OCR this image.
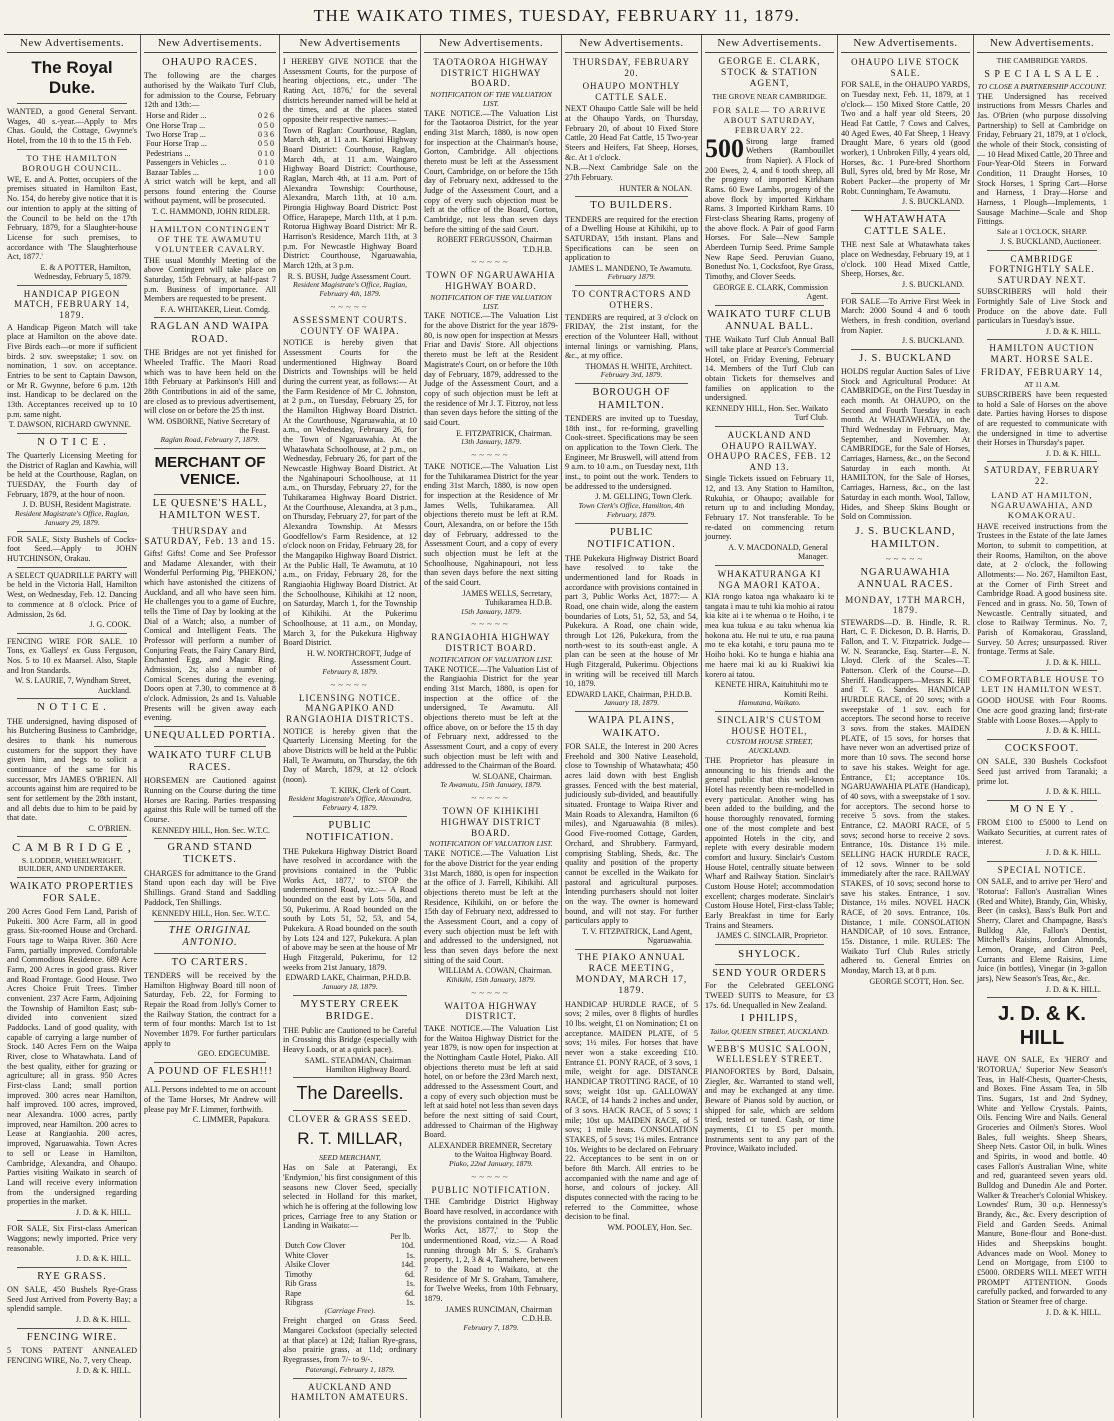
THE WAIKATO TIMES, TUESDAY, FEBRUARY 11, 1879.
New Advertisements.
The Royal Duke.

WANTED, a good General Servant. Wages, 40 s.-year.—Apply to Mrs Chas. Gould, the Cottage, Gwynne's Hotel, from the 10 th to the 15 th Feb.

TO THE HAMILTON BOROUGH COUNCIL.

WE, E. and A. Potter, occupiers of the premises situated in Hamilton East, No. 154, do hereby give notice that it is our intention to apply at the sitting of the Council to be held on the 17th February, 1879, for a Slaughter-house License for such premises, to accordance with 'The Slaughterhouse Act, 1877.'

E. & A POTTER, Hamilton, Wednesday, February 5, 1879.
HANDICAP PIGEON MATCH, FEBRUARY 14, 1879.

A Handicap Pigeon Match will take place at Hamilton on the above date. Five Birds each—or more if sufficient birds. 2 sov. sweepstake; 1 sov. on nomination, 1 sov. on acceptance. Entries to be sent to Captain Dawson, or Mr R. Gwynne, before 6 p.m. 12th inst. Handicap to be declared on the 13th. Acceptances received up to 10 p.m. same night.

T. DAWSON, RICHARD GWYNNE.
N O T I C E .

The Quarterly Licensing Meeting for the District of Raglan and Kawhia, will be held at the Courthouse, Raglan, on TUESDAY, the Fourth day of February, 1879, at the hour of noon.

J. D. BUSH, Resident Magistrate.
Resident Magistrate's Office, Raglan, January 29, 1879.

FOR SALE, Sixty Bushels of Cocks-foot Seed.—Apply to JOHN HUTCHINSON, Orakau.

A SELECT QUADRILLE PARTY will be held in the Victoria Hall, Hamilton West, on Wednesday, Feb. 12. Dancing to commence at 8 o'clock. Price of Admission, 2s 6d.

J. G. COOK.

FENCING WIRE FOR SALE. 10 Tons, ex 'Galleys' ex Guss Ferguson, Nos. 5 to 10 ex Maarsel. Also, Staple and Iron Standards.

W. S. LAURIE, 7, Wyndham Street, Auckland.
N O T I C E .

THE undersigned, having disposed of his Butchering Business to Cambridge, desires to thank his numerous customers for the support they have given him, and begs to solicit a continuance of the same for his successor, Mrs JAMES O'BRIEN. All accounts against him are required to be sent for settlement by the 28th instant, and all debts due to him to be paid by that date.

C. O'BRIEN.
C A M B R I D G E ,
S. LODDER, WHEELWRIGHT, BUILDER, AND UNDERTAKER.
WAIKATO PROPERTIES FOR SALE.

200 Acres Good Fern Land, Parish of Pukeiti. 300 Acre Farm, all in good grass. Six-roomed House and Orchard. Fours tage to Waipa River. 360 Acre Farm, partially improved. Comfortable and Commodious Residence. 689 Acre Farm, 200 Acres in good grass. River and Road Frontage. Good House. Two Acres Choice Fruit Trees. Timber convenient. 237 Acre Farm, Adjoining the Township of Hamilton East; sub-divided into convenient sized Paddocks. Land of good quality, with capable of carrying a large number of Stock. 140 Acres Fern on the Waipa River, close to Whatawhata. Land of the best quality, either for grazing or agriculture; all in grass. 950 Acres First-class Land; small portion improved. 300 acres near Hamilton, half improved. 100 acres, improved, near Alexandra. 1000 acres, partly improved, near Hamilton. 200 acres to Lease at Rangiaohia. 200 acres, improved, Ngaruawahia. Town Acres to sell or Lease in Hamilton, Cambridge, Alexandra, and Ohaupo. Parties visiting Waikato in search of Land will receive every information from the undersigned regarding properties in the market.

J. D. & K. HILL.

FOR SALE, Six First-class American Waggons; newly imported. Price very reasonable.

J. D. & K. HILL.
RYE GRASS.

ON SALE, 450 Bushels Rye-Grass Seed Just Arrived from Poverty Bay; a splendid sample.

J. D. & K. HILL.
FENCING WIRE.

5 TONS PATENT ANNEALED FENCING WIRE, No. 7, very Cheap.

J. D. & K. HILL.
New Advertisements.
OHAUPO RACES.

The following are the charges authorised by the Waikato Turf Club, for admission to the Course, February 12th and 13th:—

Horse and Rider ...	0 2 6
One Horse Trap ...	0 5 0
Two Horse Trap ...	0 3 6
Four Horse Trap ...	0 5 0
Pedestrians ...	0 1 0
Passengers in Vehicles ...	0 1 0
Bazaar Tables ...	1 0 0

A strict watch will be kept, and all persons found entering the Course without payment, will be prosecuted.

T. C. HAMMOND, JOHN RIDLER.
HAMILTON CONTINGENT OF THE TE AWAMUTU VOLUNTEER CAVALRY.

THE usual Monthly Meeting of the above Contingent will take place on Saturday, 15th February, at half-past 7 p.m. Business of importance. All Members are requested to be present.

F. A. WHITAKER, Lieut. Comdg.
RAGLAN AND WAIPA ROAD.

THE Bridges are not yet finished for Wheeled Traffic. The Maori Road which was to have been held on the 18th February at Parkinson's Hill and 28th Contributions in aid of the same, are closed as to previous advertisement, will close on or before the 25 th inst.

WM. OSBORNE, Native Secretary of the Feast.
Raglan Road, February 7, 1879.
MERCHANT OF VENICE.
LE QUESNE'S HALL, HAMILTON WEST.
THURSDAY and SATURDAY, Feb. 13 and 15.

Gifts! Gifts! Come and See Professor and Madame Alexander, with their Wonderful Performing Pig, 'PHEKON,' which have astonished the citizens of Auckland, and all who have seen him. He challenges you to a game of Euchre, tells the Time of Day by looking at the Dial of a Watch; also, a number of Comical and Intelligent Feats. The Professor will perform a number of Conjuring Feats, the Fairy Canary Bird, Enchanted Egg, and Magic Ring. Admission, 2s; also a number of Comical Scenes during the evening. Doors open at 7.30, to commence at 8 o'clock. Admission, 2s and 1s. Valuable Presents will be given away each evening.

UNEQUALLED PORTIA.
WAIKATO TURF CLUB RACES.

HORSEMEN are Cautioned against Running on the Course during the time Horses are Racing. Parties trespassing against this Rule will be turned off the Course.

KENNEDY HILL, Hon. Sec. W.T.C.
GRAND STAND TICKETS.

CHARGES for admittance to the Grand Stand upon each day will be Five Shillings. Grand Stand and Saddling Paddock, Ten Shillings.

KENNEDY HILL, Hon. Sec. W.T.C.
THE ORIGINAL ANTONIO.
TO CARTERS.

TENDERS will be received by the Hamilton Highway Board till noon of Saturday, Feb. 22, for Forming to Repair the Road from Jolly's Corner to the Railway Station, the contract for a term of four months: March 1st to 1st November 1879. For further particulars apply to

GEO. EDGECUMBE.
A POUND OF FLESH!!!

ALL Persons indebted to me on account of the Tame Horses, Mr Andrew will please pay Mr F. Limmer, forthwith.

C. LIMMER, Papakura.
New Advertisements

I HEREBY GIVE NOTICE that the Assessment Courts, for the purpose of hearing objections, etc., under 'The Rating Act, 1876,' for the several districts hereunder named will be held at the times, and at the places stated opposite their respective names:—

Town of Raglan: Courthouse, Raglan, March 4th, at 11 a.m. Karioi Highway Board District: Courthouse, Raglan, March 4th, at 11 a.m. Waingaro Highway Board District: Courthouse, Raglan, March 4th, at 11 a.m. Port of Alexandra Township: Courthouse, Alexandra, March 11th, at 10 a.m. Pirongia Highway Board District: Post Office, Harapepe, March 11th, at 1 p.m. Rotorua Highway Board District: Mr R. Harrison's Residence, March 11th, at 3 p.m. For Newcastle Highway Board District: Courthouse, Ngaruawahia, March 12th, at 3 p.m.

R. S. BUSH, Judge Assessment Court.
Resident Magistrate's Office, Raglan, February 4th, 1879.
~~~~~
ASSESSMENT COURTS. COUNTY OF WAIPA.

NOTICE is hereby given that Assessment Courts for the undermentioned Highway Board Districts and Townships will be held during the current year, as follows:— At the Farm Residence of Mr C. Johnston, at 2 p.m., on Tuesday, February 25, for the Hamilton Highway Board District. At the Courthouse, Ngaruawahia, at 10 a.m., on Wednesday, February 26, for the Town of Ngaruawahia. At the Whatawhata Schoolhouse, at 2 p.m., on Wednesday, February 26, for part of the Newcastle Highway Board District. At the Ngahinapouri Schoolhouse, at 11 a.m., on Thursday, February 27, for the Tuhikaramea Highway Board District. At the Courthouse, Alexandra, at 3 p.m., on Thursday, February 27, for part of the Alexandra Township. At Messrs Goodfellow's Farm Residence, at 12 o'clock noon on Friday, February 28, for the Mangapiko Highway Board District. At the Public Hall, Te Awamutu, at 10 a.m., on Friday, February 28, for the Rangiaohia Highway Board District. At the Schoolhouse, Kihikihi at 12 noon, on Saturday, March 1, for the Township of Kihikihi. At the Pukerimu Schoolhouse, at 11 a.m., on Monday, March 3, for the Pukekura Highway Board District.

H. W. NORTHCROFT, Judge of Assessment Court.
February 8, 1879.
~~~~~
LICENSING NOTICE. MANGAPIKO AND RANGIAOHIA DISTRICTS.

NOTICE is hereby given that the Quarterly Licensing Meeting for the above Districts will be held at the Public Hall, Te Awamutu, on Thursday, the 6th Day of March, 1879, at 12 o'clock (noon).

T. KIRK, Clerk of Court.
Resident Magistrate's Office, Alexandra, February 4, 1879.
PUBLIC NOTIFICATION.

THE Pukekura Highway District Board have resolved in accordance with the provisions contained in the 'Public Works Act, 1877,' to STOP the undermentioned Road, viz.:— A Road bounded on the east by Lots 50a, and 50, Pukerimu. A Road bounded on the south by Lots 51, 52, 53, and 54, Pukekura. A Road bounded on the south by Lots 124 and 127, Pukekura. A plan of above may be seen at the house of Mr Hugh Fitzgerald, Pukerimu, for 12 weeks from 21st January, 1879.

EDWARD LAKE, Chairman, P.H.D.B.
January 18, 1879.
MYSTERY CREEK BRIDGE.

THE Public are Cautioned to be Careful in Crossing this Bridge (especially with Heavy Loads, or at a quick pace).

SAML. STEADMAN, Chairman Hamilton Highway Board.
The Dareells.
CLOVER & GRASS SEED.
R. T. MILLAR,
SEED MERCHANT,

Has on Sale at Paterangi, Ex 'Endymion,' his first consignment of this seasons new Clover Seed, specially selected in Holland for this market, which he is offering at the following low prices, Carriage free to any Station or Landing in Waikato:—

Per lb.
Dutch Cow Clover	10d.
White Clover	1s.
Alsike Clover	14d.
Timothy	6d.
Rib Grass	1s.
Rape	6d.
Ribgrass	1s.
(Carriage Free).

Freight charged on Grass Seed. Mangarei Cocksfoot (specially selected at that place) at 12d; Italian Rye-grass, also prairie grass, at 11d; ordinary Ryegrasses, from 7/- to 9/-.

Paterangi, February 1, 1879.
AUCKLAND AND HAMILTON AMATEURS.
New Advertisements.
TAOTAOROA HIGHWAY DISTRICT HIGHWAY BOARD.
NOTIFICATION OF THE VALUATION LIST.

TAKE NOTICE.—The Valuation List for the Taotaoroa District, for the year ending 31st March, 1880, is now open for inspection at the Chairman's house, Gorton, Cambridge. All objections thereto must be left at the Assessment Court, Cambridge, on or before the 15th day of February next, addressed to the Judge of the Assessment Court, and a copy of every such objection must be left at the office of the Board, Gorton, Cambridge, not less than seven days before the sitting of the said Court.

ROBERT FERGUSSON, Chairman T.D.H.B.
~~~~~
TOWN OF NGARUAWAHIA HIGHWAY BOARD.
NOTIFICATION OF THE VALUATION LIST.

TAKE NOTICE.—The Valuation List for the above District for the year 1879-80, is now open for inspection at Messrs Friar and Davis' Store. All objections thereto must be left at the Resident Magistrate's Court, on or before the 10th day of February, 1879, addressed to the Judge of the Assessment Court, and a copy of such objection must be left at the residence of Mr J. T. Fitzroy, not less than seven days before the sitting of the said Court.

E. FITZPATRICK, Chairman.
13th January, 1879.
~~~~~

TAKE NOTICE.—The Valuation List for the Tuhikaramea District for the year ending 31st March, 1880, is now open for inspection at the Residence of Mr James Wells, Tuhikaramea. All objections thereto must be left at R.M. Court, Alexandra, on or before the 15th day of February, addressed to the Assessment Court, and a copy of every such objection must be left at the Schoolhouse, Ngahinapouri, not less than seven days before the next sitting of the said Court.

JAMES WELLS, Secretary, Tuhikaramea H.D.B.
15th January, 1879.
~~~~~
RANGIAOHIA HIGHWAY DISTRICT BOARD.
NOTIFICATION OF VALUATION LIST.

TAKE NOTICE.—The Valuation List of the Rangiaohia District for the year ending 31st March, 1880, is open for inspection at the office of the undersigned, Te Awamutu. All objections thereto must be left at the office above, on or before the 15 th day of February next, addressed to the Assessment Court, and a copy of every such objection must be left with and addressed to the Chairman of the Board.

W. SLOANE, Chairman.
Te Awamutu, 15th January, 1879.
~~~~~
TOWN OF KIHIKIHI HIGHWAY DISTRICT BOARD.
NOTIFICATION OF VALUATION LIST.

TAKE NOTICE.—The Valuation List for the above District for the year ending 31st March, 1880, is open for inspection at the office of J. Farrell, Kihikihi. All objections thereto must be left at the Residence, Kihikihi, on or before the 15th day of February next, addressed to the Assessment Court, and a copy of every such objection must be left with and addressed to the undersigned, not less than seven days before the next sitting of the said Court.

WILLIAM A. COWAN, Chairman.
Kihikihi, 15th January, 1879.
~~~~~
WAITOA HIGHWAY DISTRICT.

TAKE NOTICE.—The Valuation List for the Waitoa Highway District for the year 1879, is now open for inspection at the Nottingham Castle Hotel, Piako. All objections thereto must be left at said hotel, on or before the 23rd March next, addressed to the Assessment Court, and a copy of every such objection must be left at said hotel not less than seven days before the next sitting of said Court, addressed to Chairman of the Highway Board.

ALEXANDER BREMNER, Secretary to the Waitoa Highway Board.
Piako, 22nd January, 1879.
~~~~~
PUBLIC NOTIFICATION.

THE Cambridge District Highway Board have resolved, in accordance with the provisions contained in the 'Public Works Act, 1877,' to Stop the undermentioned Road, viz.:— A Road running through Mr S. S. Graham's property, 1, 2, 3 & 4, Tamahere, between 7 to the Road to Waikato, at the Residence of Mr S. Graham, Tamahere, for Twelve Weeks, from 10th February, 1879.

JAMES RUNCIMAN, Chairman C.D.H.B.
February 7, 1879.
New Advertisements.
THURSDAY, FEBRUARY 20.
OHAUPO MONTHLY CATTLE SALE.

NEXT Ohaupo Cattle Sale will be held at the Ohaupo Yards, on Thursday, February 20, of about 10 Fixed Store Cattle, 20 Head Fat Cattle, 15 Two-year Steers and Heifers, Fat Sheep, Horses, &c. At 1 o'clock.

N.B.—Next Cambridge Sale on the 27th February.

HUNTER & NOLAN.
TO BUILDERS.

TENDERS are required for the erection of a Dwelling House at Kihikihi, up to SATURDAY, 15th instant. Plans and Specifications can be seen on application to

JAMES L. MANDENO, Te Awamutu.
February 1879.
TO CONTRACTORS AND OTHERS.

TENDERS are required, at 3 o'clock on FRIDAY, the 21st instant, for the erection of the Volunteer Hall, without internal linings or varnishing. Plans, &c., at my office.

THOMAS H. WHITE, Architect.
February 3rd, 1879.
BOROUGH OF HAMILTON.

TENDERS are invited up to Tuesday, 18th inst., for re-forming, gravelling Cook-street. Specifications may be seen on application to the Town Clerk. The Engineer, Mr Bruswell, will attend from 9 a.m. to 10 a.m., on Tuesday next, 11th inst., to point out the work. Tenders to be addressed to the undersigned.

J. M. GELLING, Town Clerk.
Town Clerk's Office, Hamilton, 4th February, 1879.
PUBLIC NOTIFICATION.

THE Pukekura Highway District Board have resolved to take the undermentioned land for Roads in accordance with provisions contained in part 3, Public Works Act, 1877:— A Road, one chain wide, along the eastern boundaries of Lots, 51, 52, 53, and 54, Pukekura. A Road, one chain wide, through Lot 126, Pukekura, from the north-west to its south-east angle. A plan can be seen at the house of Mr Hugh Fitzgerald, Pukerimu. Objections in writing will be received till March 10, 1879.

EDWARD LAKE, Chairman, P.H.D.B.
January 18, 1879.
WAIPA PLAINS, WAIKATO.

FOR SALE, the Interest in 200 Acres Freehold and 300 Native Leasehold, close to Township of Whatawhata; 450 acres laid down with best English grasses. Fenced with the best material, judiciously sub-divided, and beautifully situated. Frontage to Waipa River and Main Roads to Alexandra, Hamilton (6 miles), and Ngaruawahia (8 miles). Good Five-roomed Cottage, Garden, Orchard, and Shrubbery. Farmyard, comprising Stabling, Sheds, &c. The quality and position of the property cannot be excelled in the Waikato for pastoral and agricultural purposes. Intending purchasers should not loiter on the way. The owner is homeward bound, and will not stay. For further particulars apply to

T. V. FITZPATRICK, Land Agent, Ngaruawahia.
THE PIAKO ANNUAL RACE MEETING, MONDAY, MARCH 17, 1879.

HANDICAP HURDLE RACE, of 5 sovs; 2 miles, over 8 flights of hurdles 10 lbs. weight, £1 on Nomination; £1 on acceptance. MAIDEN PLATE, of 5 sovs; 1½ miles. For horses that have never won a stake exceeding £10. Entrance £1. PONY RACE, of 3 sovs, 1 mile, weight for age. DISTANCE HANDICAP TROTTING RACE, of 10 sovs; weight 10st up. GALLOWAY RACE, of 14 hands 2 inches and under, of 3 sovs. HACK RACE, of 5 sovs; 1 mile; 10st up. MAIDEN RACE, of 5 sovs; 1 mile heats. CONSOLATION STAKES, of 5 sovs; 1¼ miles. Entrance 10s. Weights to be declared on February 22. Acceptances to be sent in on or before 8th March. All entries to be accompanied with the name and age of horse, and colours of jockey. All disputes connected with the racing to be referred to the Committee, whose decision to be final.

WM. POOLEY, Hon. Sec.
New Advertisements.
GEORGE E. CLARK, STOCK & STATION AGENT,
THE GROVE NEAR CAMBRIDGE.
FOR SALE— TO ARRIVE ABOUT SATURDAY, FEBRUARY 22.

500 Strong large framed Wethers (Rambouillet from Napier). A Flock of 200 Ewes, 2, 4, and 6 tooth sheep, all the progeny of imported Kirkham Rams. 60 Ewe Lambs, progeny of the above flock by imported Kirkham Rams. 3 Imported Kirkham Rams. 10 First-class Shearing Rams, progeny of the above flock. A Pair of good Farm Horses. For Sale—New Sample Aberdeen Turnip Seed. Prime Sample New Rape Seed. Peruvian Guano, Bonedust No. 1, Cocksfoot, Rye Grass, Timothy, and Clover Seeds.

GEORGE E. CLARK, Commission Agent.
WAIKATO TURF CLUB ANNUAL BALL.

THE Waikato Turf Club Annual Ball will take place at Pearce's Commercial Hotel, on Friday Evening, February 14. Members of the Turf Club can obtain Tickets for themselves and families on application to the undersigned.

KENNEDY HILL, Hon. Sec. Waikato Turf Club.
AUCKLAND AND OHAUPO RAILWAY. OHAUPO RACES, FEB. 12 AND 13.

Single Tickets issued on February 11, 12, and 13. Any Station to Hamilton, Rukuhia, or Ohaupo; available for return up to and including Monday, February 17. Not transferable. To be re-dated on commencing return journey.

A. V. MACDONALD, General Manager.
WHAKATURANGA KI NGA MAORI KATOA.

KIA rongo katoa nga whakaaro ki te tangata i mau te tuhi kia mohio ai ratou kia kite ai i te whenua o te Hoiho, i te mea kua tukua e au taku whenua kia hokona atu. He nui te utu, e rua pauna mo te eka kotahi, e toru pauna mo te Hoiho hoki. Ko te hunga e hiahia ana me haere mai ki au ki Ruakiwi kia korero ai tatou.

KENETE HIRA, Kaituhituhi mo te Komiti Reihi.
Hamutana, Waikato.
SINCLAIR'S CUSTOM HOUSE HOTEL,
CUSTOM HOUSE STREET, AUCKLAND.

THE Proprietor has pleasure in announcing to his friends and the general public that this well-known Hotel has recently been re-modelled in every particular. Another wing has been added to the building, and the house thoroughly renovated, forming one of the most complete and best appointed Hotels in the city, and replete with every desirable modern comfort and luxury. Sinclair's Custom House Hotel, centrally situate between Wharf and Railway Station. Sinclair's Custom House Hotel; accommodation excellent; charges moderate. Sinclair's Custom House Hotel, First-class Table; Early Breakfast in time for Early Trains and Steamers.

JAMES C. SINCLAIR, Proprietor.
SHYLOCK.
SEND YOUR ORDERS

For the Celebrated GEELONG TWEED SUITS to Measure, for £3 17s. 6d. Unequalled in New Zealand.

I PHILIPS,
Tailor, QUEEN STREET, AUCKLAND.
WEBB'S MUSIC SALOON, WELLESLEY STREET.

PIANOFORTES by Bord, Dalsain, Ziegler, &c. Warranted to stand well, and may be exchanged at any time. Beware of Pianos sold by auction, or shipped for sale, which are seldom tried, tested or tuned. Cash, or time payments, £1 to £5 per month. Instruments sent to any part of the Province, Waikato included.

New Advertisements.
OHAUPO LIVE STOCK SALE.

FOR SALE, in the OHAUPO YARDS, on Tuesday next, Feb. 11, 1879, at 1 o'clock— 150 Mixed Store Cattle, 20 Two and a half year old Steers, 20 Head Fat Cattle, 7 Cows and Calves, 40 Aged Ewes, 40 Fat Sheep, 1 Heavy Draught Mare, 6 years old (good worker), 1 Unbroken Filly, 4 years old, Horses, &c. 1 Pure-bred Shorthorn Bull, Syres old, bred by Mr Rose, Mr Robert Packer—the property of Mr Robt. Cunningham, Te Awamutu.

J. S. BUCKLAND.
WHATAWHATA CATTLE SALE.

THE next Sale at Whatawhata takes place on Wednesday, February 19, at 1 o'clock. 100 Head Mixed Cattle, Sheep, Horses, &c.

J. S. BUCKLAND.

FOR SALE—To Arrive First Week in March: 2000 Sound 4 and 6 tooth Wethers, in fresh condition, overland from Napier.

J. S. BUCKLAND.
J. S. BUCKLAND

HOLDS regular Auction Sales of Live Stock and Agricultural Produce: At CAMBRIDGE, on the First Tuesday in each month. At OHAUPO, on the Second and Fourth Tuesday in each month. At WHATAWHATA, on the Third Wednesday in February, May, September, and November. At CAMBRIDGE, for the Sale of Horses, Carriages, Harness, &c., on the Second Saturday in each month. At HAMILTON, for the Sale of Horses, Carriages, Harness, &c., on the last Saturday in each month. Wool, Tallow, Hides, and Sheep Skins Bought or Sold on Commission.

J. S. BUCKLAND, HAMILTON.
~~~~~
NGARUAWAHIA ANNUAL RACES.
MONDAY, 17TH MARCH, 1879.

STEWARDS—D. B. Hindle, R. R. Hart, C. F. Dickeson, D. B. Harris, D. Fallon, and T. V. Fitzpatrick. Judge—W. N. Searancke, Esq. Starter—E. N. Lloyd. Clerk of the Scales—T. Patterson. Clerk of the Course—D. Sheriff. Handicappers—Messrs K. Hill and T. G. Sandes. HANDICAP HURDLE RACE, of 20 sovs; with a sweepstake of 1 sov. each for acceptors. The second horse to receive 3 sovs. from the stakes. MAIDEN PLATE, of 15 sovs, for horses that have never won an advertised prize of more than 10 sovs. The second horse to save his stakes. Weight for age. Entrance, £1; acceptance 10s. NGARUAWAHIA PLATE (Handicap), of 40 sovs, with a sweepstake of 1 sov. for acceptors. The second horse to receive 5 sovs. from the stakes. Entrance, £2. MAORI RACE, of 5 sovs; second horse to receive 2 sovs. Entrance, 10s. Distance 1½ mile. SELLING HACK HURDLE RACE, of 12 sovs. Winner to be sold immediately after the race. RAILWAY STAKES, of 10 sovs; second horse to save his stakes. Entrance, 1 sov. Distance, 1½ miles. NOVEL HACK RACE, of 20 sovs. Entrance, 10s. Distance, 1 mile. CONSOLATION HANDICAP, of 10 sovs. Entrance, 15s. Distance, 1 mile. RULES: The Waikato Turf Club Rules strictly adhered to. General Entries on Monday, March 13, at 8 p.m.

GEORGE SCOTT, Hon. Sec.
New Advertisements.
THE CAMBRIDGE YARDS.
S P E C I A L S A L E .
TO CLOSE A PARTNERSHIP ACCOUNT.

THE Undersigned has received instructions from Messrs Charles and Jas. O'Brien (who purpose dissolving Partnership) to Sell at Cambridge on Friday, February 21, 1879, at 1 o'clock, the whole of their Stock, consisting of— 10 Head Mixed Cattle, 20 Three and Four-Year-Old Steers in Forward Condition, 11 Draught Horses, 10 Stock Horses, 1 Spring Cart—Horse and Harness, 1 Dray—Horse and Harness, 1 Plough—Implements, 1 Sausage Machine—Scale and Shop Fittings.

Sale at 1 O'CLOCK, SHARP.
J. S. BUCKLAND, Auctioneer.
CAMBRIDGE FORTNIGHTLY SALE. SATURDAY NEXT.

SUBSCRIBERS will hold their Fortnightly Sale of Live Stock and Produce on the above date. Full particulars in Tuesday's issue.

J. D. & K. HILL.
HAMILTON AUCTION MART. HORSE SALE.
FRIDAY, FEBRUARY 14,
AT 11 A.M.

SUBSCRIBERS have been requested to hold a Sale of Horses on the above date. Parties having Horses to dispose of are requested to communicate with the undersigned in time to advertise their Horses in Thursday's paper.

J. D. & K. HILL.
SATURDAY, FEBRUARY 22.
LAND AT HAMILTON, NGARUAWAHIA, AND KOMAKORAU.

HAVE received instructions from the Trustees in the Estate of the late James Morton, to submit to competition, at their Rooms, Hamilton, on the above date, at 2 o'clock, the following Allotments:— No. 267, Hamilton East, at the Corner of Firth Street and Cambridge Road. A good business site. Fenced and in grass. No. 50, Town of Newcastle. Centrally situated, and close to Railway Terminus. No. 7, Parish of Komakorau, Grassland, Survey. 50 Acres; unsurpassed. River frontage. Terms at Sale.

J. D. & K. HILL.
COMFORTABLE HOUSE TO LET IN HAMILTON WEST.

GOOD HOUSE with Four Rooms. One acre good grazing land; first-rate Stable with Loose Boxes.—Apply to

J. D. & K. HILL.
COCKSFOOT.

ON SALE, 330 Bushels Cocksfoot Seed just arrived from Taranaki; a prime lot.

J. D. & K. HILL.
M O N E Y .

FROM £100 to £5000 to Lend on Waikato Securities, at current rates of interest.

J. D. & K. HILL.
SPECIAL NOTICE.

ON SALE, and to arrive per 'Hero' and 'Rotorua': Fallon's Australian Wines (Red and White), Brandy, Gin, Whisky, Beer (in casks), Bass's Bulk Port and Sherry, Claret and Champagne, Bass's Bulldog Ale, Fallon's Dentist, Mitchell's Raisins, Jordan Almonds, Lemon, Orange, and Citron Peel, Currants and Eleme Raisins, Lime Juice (in bottles), Vinegar (in 3-gallon jars), New Season's Teas, &c., &c.

J. D. & K. HILL.
J. D. & K. HILL

HAVE ON SALE, Ex 'HERO' and 'ROTORUA,' Superior New Season's Teas, in Half-Chests, Quarter-Chests, and Boxes. Fine Assam Tea, in 5lb Tins. Sugars, 1st and 2nd Sydney, White and Yellow Crystals. Paints, Oils. Fencing Wire and Nails. General Groceries and Oilmen's Stores. Wool Bales, full weights. Sheep Shears, Sheep Nets. Castor Oil, in bulk. Wines and Spirits, in wood and bottle. 40 cases Fallon's Australian Wine, white and red, guaranteed seven years old. Bulldog and Dunedin Ale and Porter. Walker & Treacher's Colonial Whiskey. Lowndes' Rum, 30 o.p. Hennessy's Brandy, &c., &c. Every description of Field and Garden Seeds. Animal Manure, Bone-flour and Bone-dust. Hides and Sheepskins bought. Advances made on Wool. Money to Lend on Mortgage, from £100 to £5000. ORDERS WILL MEET WITH PROMPT ATTENTION. Goods carefully packed, and forwarded to any Station or Steamer free of charge.

J. D. & K. HILL.
